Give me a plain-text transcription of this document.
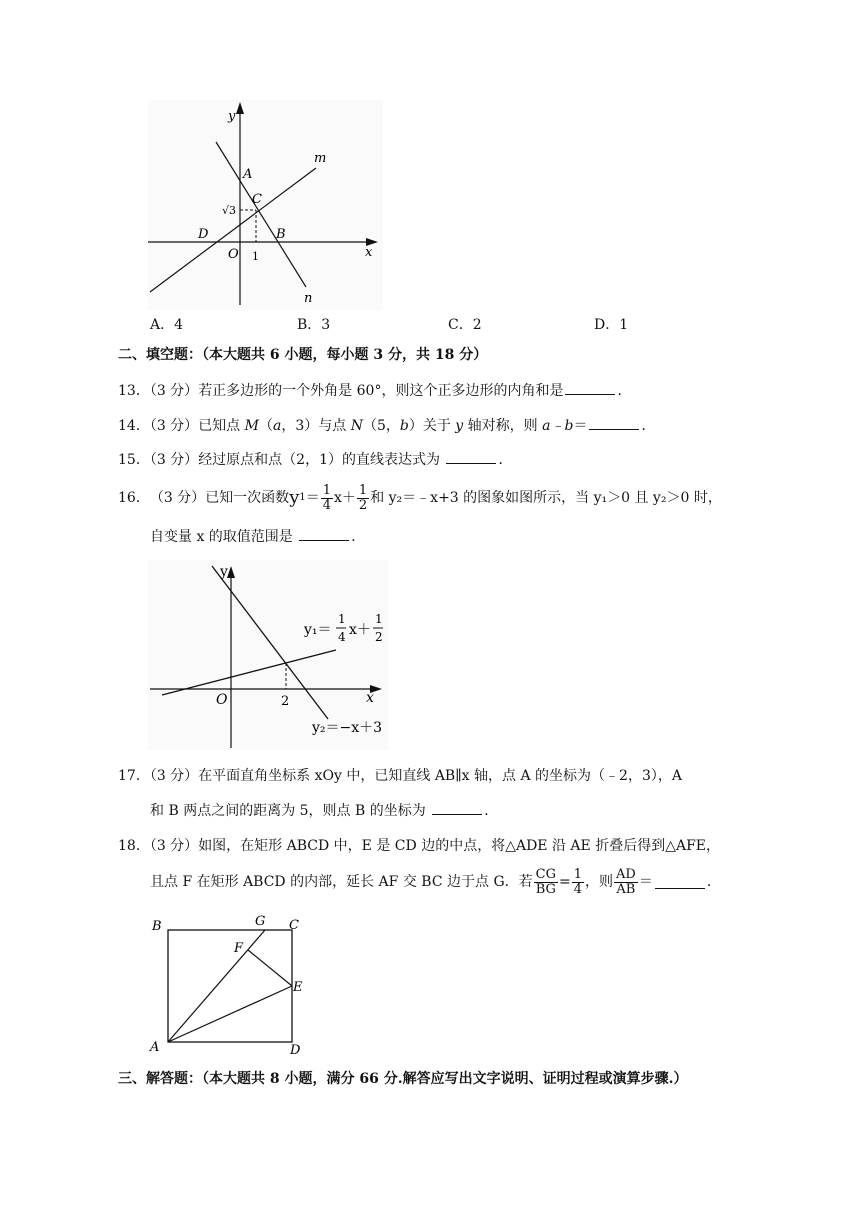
y
x
m
n
A
C
D	B
O 1
√3
A．4	B．3	C．2	D．1
二、填空题：（本大题共 6 小题，每小题 3 分，共 18 分）
13．（3 分）若正多边形的一个外角是 60°，则这个正多边形的内角和是	．
14．（3 分）已知点 M（a，3）与点 N（5，b）关于 y 轴对称，则 a﹣b＝	．
15．（3 分）经过原点和点（2，1）的直线表达式为	．
16． （3 分） 已知一次函数 y $1 = \frac{1}{4} x+ \frac{1}{2}$ 和 y₂＝﹣x+3 的图象如图所示，当 y₁＞0 且 y₂＞0 时，
自变量 x 的取值范围是	．
y
x
O	2
y₁＝
1
4 x＋
1
2
y₂＝−x＋3
17．（3 分）在平面直角坐标系 xOy 中，已知直线 AB∥x 轴，点 A 的坐标为（﹣2，3），A
和 B 两点之间的距离为 5，则点 B 的坐标为	．
18．（3 分）如图，在矩形 ABCD 中，E 是 CD 边的中点，将△ADE 沿 AE 折叠后得到△AFE，
且点 F 在矩形 ABCD 的内部，延长 AF 交 BC 边于点 G．若 $\frac{CG}{BG} = \frac{1}{4}$ ，则 $\frac{AD}{AB}$ ＝	．
B	G C
F
E
A	D
三、解答题：（本大题共 8 小题，满分 66 分.解答应写出文字说明、证明过程或演算步骤.）
